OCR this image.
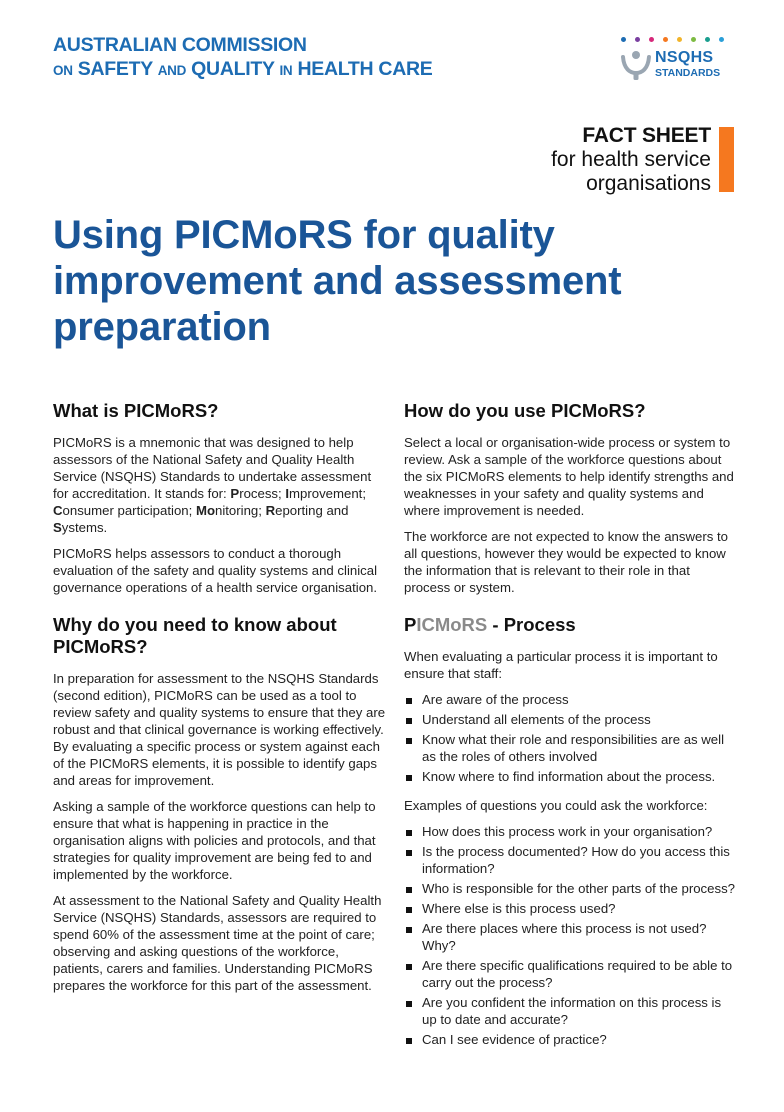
AUSTRALIAN COMMISSION
ON SAFETY AND QUALITY IN HEALTH CARE	NSQHS
STANDARDS
FACT SHEET
for health service
organisations
Using PICMoRS for quality improvement and assessment preparation
What is PICMoRS?

PICMoRS is a mnemonic that was designed to help assessors of the National Safety and Quality Health Service (NSQHS) Standards to undertake assessment for accreditation. It stands for: Process; Improvement; Consumer participation; Monitoring; Reporting and Systems.

PICMoRS helps assessors to conduct a thorough evaluation of the safety and quality systems and clinical governance operations of a health service organisation.

Why do you need to know about PICMoRS?

In preparation for assessment to the NSQHS Standards (second edition), PICMoRS can be used as a tool to review safety and quality systems to ensure that they are robust and that clinical governance is working effectively. By evaluating a specific process or system against each of the PICMoRS elements, it is possible to identify gaps and areas for improvement.

Asking a sample of the workforce questions can help to ensure that what is happening in practice in the organisation aligns with policies and protocols, and that strategies for quality improvement are being fed to and implemented by the workforce.

At assessment to the National Safety and Quality Health Service (NSQHS) Standards, assessors are required to spend 60% of the assessment time at the point of care; observing and asking questions of the workforce, patients, carers and families. Understanding PICMoRS prepares the workforce for this part of the assessment.

How do you use PICMoRS?

Select a local or organisation-wide process or system to review. Ask a sample of the workforce questions about the six PICMoRS elements to help identify strengths and weaknesses in your safety and quality systems and where improvement is needed.

The workforce are not expected to know the answers to all questions, however they would be expected to know the information that is relevant to their role in that process or system.

PICMoRS - Process

When evaluating a particular process it is important to ensure that staff:

Are aware of the process
Understand all elements of the process
Know what their role and responsibilities are as well as the roles of others involved
Know where to find information about the process.

Examples of questions you could ask the workforce:

How does this process work in your organisation?
Is the process documented? How do you access this information?
Who is responsible for the other parts of the process?
Where else is this process used?
Are there places where this process is not used? Why?
Are there specific qualifications required to be able to carry out the process?
Are you confident the information on this process is up to date and accurate?
Can I see evidence of practice?
